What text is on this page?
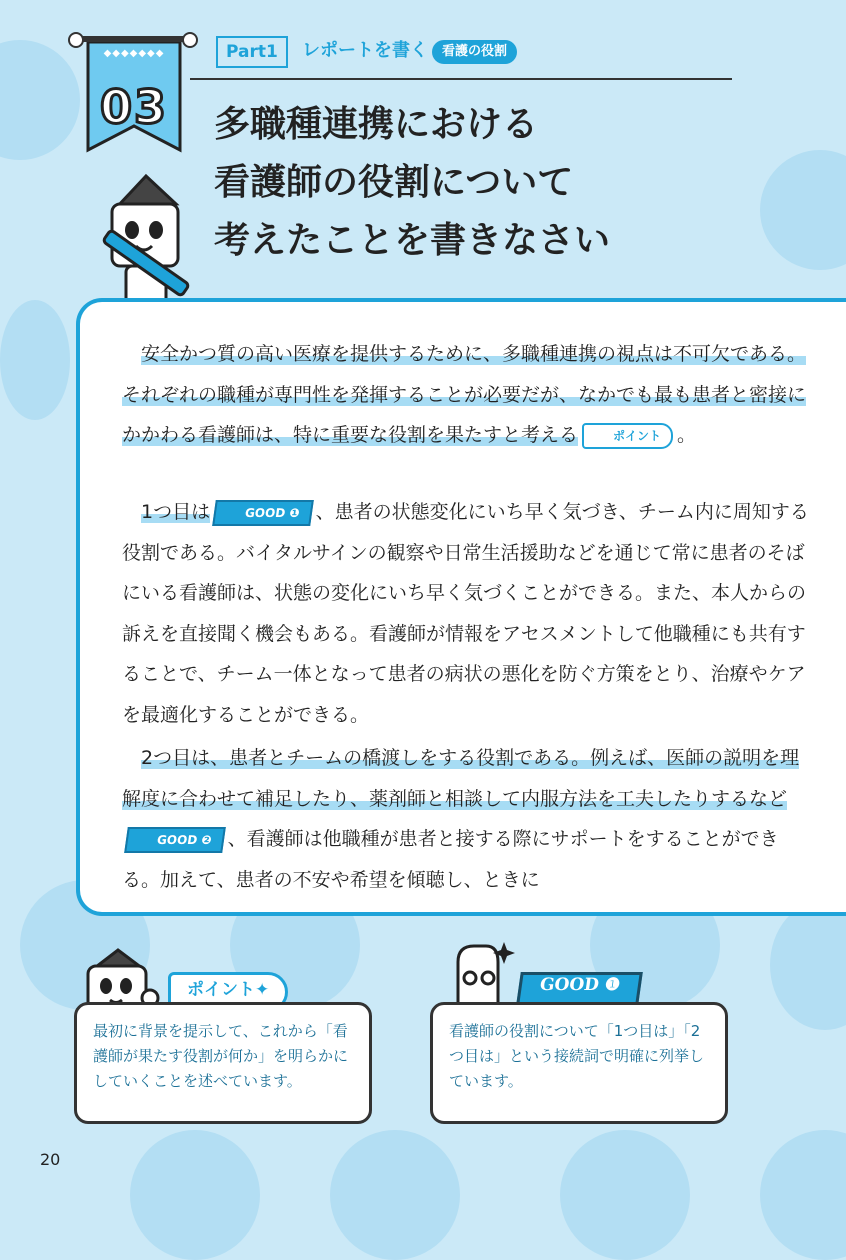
◆◆◆◆◆◆◆
03
Part1	レポートを書く	看護の役割
多職種連携における
看護師の役割について
考えたことを書きなさい
安全かつ質の高い医療を提供するために、多職種連携の視点は不可欠である。それぞれの職種が専門性を発揮することが必要だが、なかでも最も患者と密接にかかわる看護師は、特に重要な役割を果たすと考える	ポイント 。
1つ目は	GOOD ❶ 、患者の状態変化にいち早く気づき、チーム内に周知する役割である。バイタルサインの観察や日常生活援助などを通じて常に患者のそばにいる看護師は、状態の変化にいち早く気づくことができる。また、本人からの訴えを直接聞く機会もある。看護師が情報をアセスメントして他職種にも共有することで、チーム一体となって患者の病状の悪化を防ぐ方策をとり、治療やケアを最適化することができる。
2つ目は、患者とチームの橋渡しをする役割である。例えば、医師の説明を理解度に合わせて補足したり、薬剤師と相談して内服方法を工夫したりするなどGOOD ❷ 、看護師は他職種が患者と接する際にサポートをすることができる。加えて、患者の不安や希望を傾聴し、ときに
ポイント✦
最初に背景を提示して、これから「看護師が果たす役割が何か」を明らかにしていくことを述べています。
GOOD ❶
看護師の役割について「1つ目は」「2つ目は」という接続詞で明確に列挙しています。
20
